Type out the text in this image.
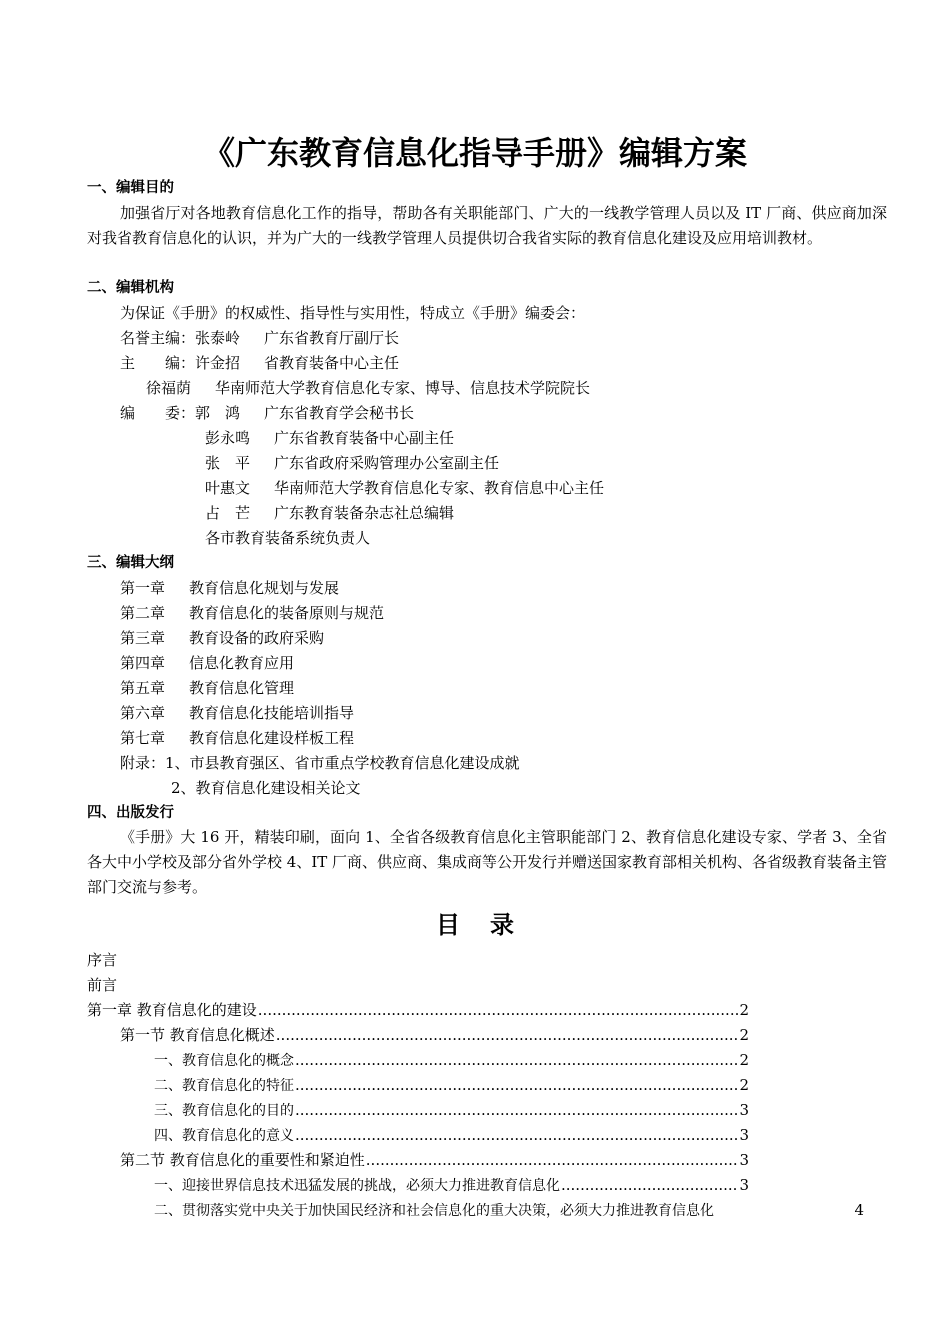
《广东教育信息化指导手册》编辑方案
一、编辑目的
加强省厅对各地教育信息化工作的指导，帮助各有关职能部门、广大的一线教学管理人员以及 IT 厂商、供应商加深对我省教育信息化的认识，并为广大的一线教学管理人员提供切合我省实际的教育信息化建设及应用培训教材。
二、编辑机构
为保证《手册》的权威性、指导性与实用性，特成立《手册》编委会：
名誉主编：张泰岭 广东省教育厅副厅长
主　　编：许金招 省教育装备中心主任
徐福荫 华南师范大学教育信息化专家、博导、信息技术学院院长
编　　委：郭　鸿 广东省教育学会秘书长
彭永鸣 广东省教育装备中心副主任
张　平 广东省政府采购管理办公室副主任
叶惠文 华南师范大学教育信息化专家、教育信息中心主任
占　芒 广东教育装备杂志社总编辑
各市教育装备系统负责人
三、编辑大纲
第一章 教育信息化规划与发展
第二章 教育信息化的装备原则与规范
第三章 教育设备的政府采购
第四章 信息化教育应用
第五章 教育信息化管理
第六章 教育信息化技能培训指导
第七章 教育信息化建设样板工程
附录：1、市县教育强区、省市重点学校教育信息化建设成就
2、教育信息化建设相关论文
四、出版发行
《手册》大 16 开，精装印刷，面向 1、全省各级教育信息化主管职能部门 2、教育信息化建设专家、学者 3、全省各大中小学校及部分省外学校 4、IT 厂商、供应商、集成商等公开发行并赠送国家教育部相关机构、各省级教育装备主管部门交流与参考。
目录
序言
前言
第一章 教育信息化的建设 .....	2
第一节 教育信息化概述 .....	2
一、教育信息化的概念 .....	2
二、教育信息化的特征 .....	2
三、教育信息化的目的 .....	3
四、教育信息化的意义 .....	3
第二节 教育信息化的重要性和紧迫性 .....	3
一、迎接世界信息技术迅猛发展的挑战，必须大力推进教育信息化 .....	3
二、贯彻落实党中央关于加快国民经济和社会信息化的重大决策，必须大力推进教育信息化	4
